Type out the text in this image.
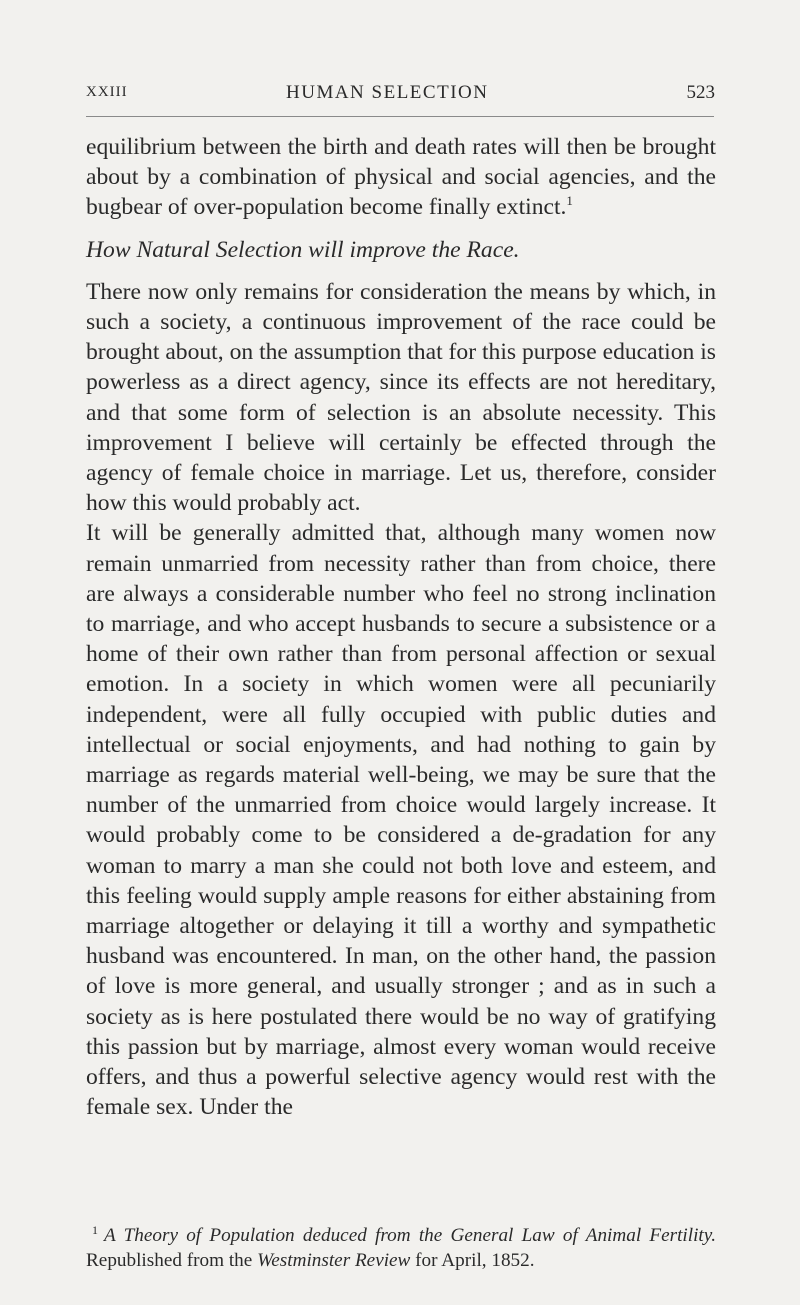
XXIII	HUMAN SELECTION	523

equilibrium between the birth and death rates will then be brought about by a combination of physical and social agencies, and the bugbear of over-population become finally extinct.$^1$

How Natural Selection will improve the Race.

There now only remains for consideration the means by which, in such a society, a continuous improvement of the race could be brought about, on the assumption that for this purpose education is powerless as a direct agency, since its effects are not hereditary, and that some form of selection is an absolute necessity. This improvement I believe will certainly be effected through the agency of female choice in marriage. Let us, therefore, consider how this would probably act.

It will be generally admitted that, although many women now remain unmarried from necessity rather than from choice, there are always a considerable number who feel no strong inclination to marriage, and who accept husbands to secure a subsistence or a home of their own rather than from personal affection or sexual emotion. In a society in which women were all pecuniarily independent, were all fully occupied with public duties and intellectual or social enjoyments, and had nothing to gain by marriage as regards material well-being, we may be sure that the number of the unmarried from choice would largely increase. It would probably come to be considered a de-gradation for any woman to marry a man she could not both love and esteem, and this feeling would supply ample reasons for either abstaining from marriage altogether or delaying it till a worthy and sympathetic husband was encountered. In man, on the other hand, the passion of love is more general, and usually stronger ; and as in such a society as is here postulated there would be no way of gratifying this passion but by marriage, almost every woman would receive offers, and thus a powerful selective agency would rest with the female sex. Under the

$^1$ A Theory of Population deduced from the General Law of Animal Fertility. Republished from the Westminster Review for April, 1852.
